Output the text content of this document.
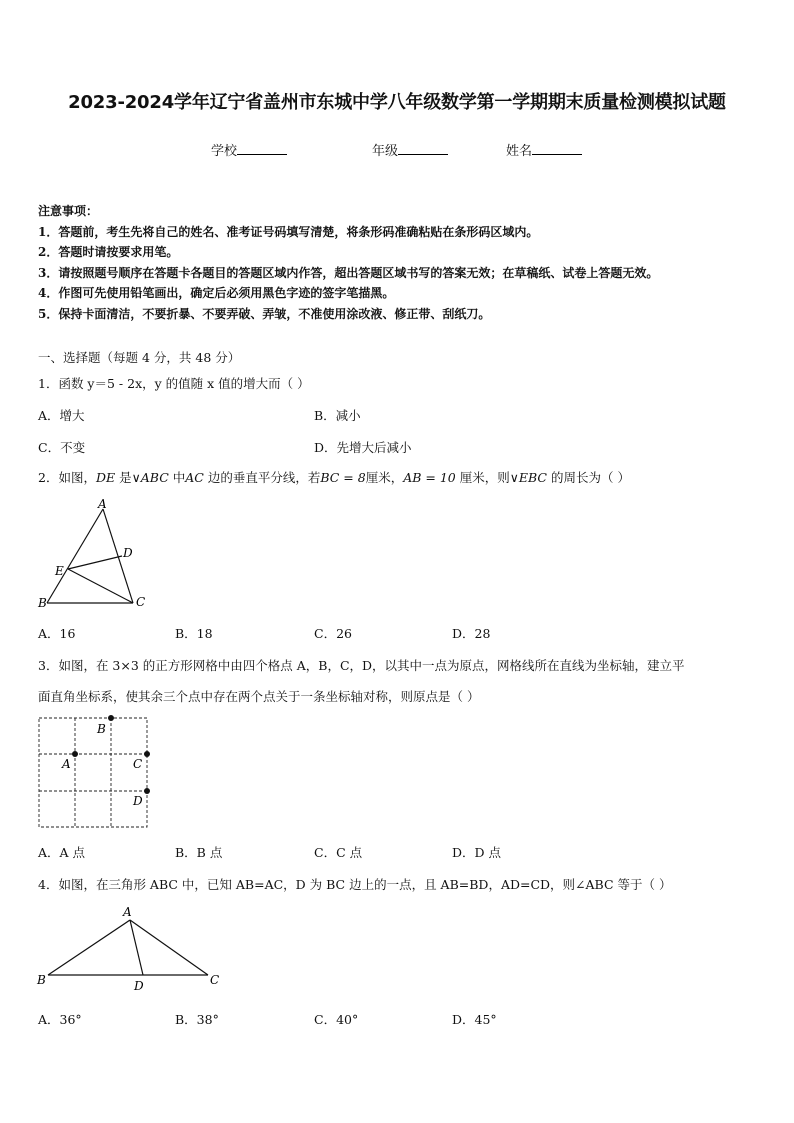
2023-2024学年辽宁省盖州市东城中学八年级数学第一学期期末质量检测模拟试题
学校	年级	姓名
注意事项：
1．答题前，考生先将自己的姓名、准考证号码填写清楚，将条形码准确粘贴在条形码区域内。
2．答题时请按要求用笔。
3．请按照题号顺序在答题卡各题目的答题区域内作答，超出答题区域书写的答案无效；在草稿纸、试卷上答题无效。
4．作图可先使用铅笔画出，确定后必须用黑色字迹的签字笔描黑。
5．保持卡面清洁，不要折暴、不要弄破、弄皱，不准使用涂改液、修正带、刮纸刀。
一、选择题（每题 4 分，共 48 分）
1．函数 y＝5 - 2x，y 的值随 x 值的增大而（ ）
A．增大	B．减小
C．不变	D．先增大后减小
2．如图，DE 是∨ABC 中AC 边的垂直平分线，若BC = 8厘米，AB = 10 厘米，则∨EBC 的周长为（ ）
A
D
E
B	C
A．16	B．18	C．26	D．28
3．如图，在 3×3 的正方形网格中由四个格点 A，B，C，D，以其中一点为原点，网格线所在直线为坐标轴，建立平
面直角坐标系，使其余三个点中存在两个点关于一条坐标轴对称，则原点是（ ）
B
A	C
D
A．A 点	B．B 点	C．C 点	D．D 点
4．如图，在三角形 ABC 中，已知 AB=AC，D 为 BC 边上的一点，且 AB=BD，AD=CD，则∠ABC 等于（ ）
A
B	D	C
A．36°	B．38°	C．40°	D．45°
